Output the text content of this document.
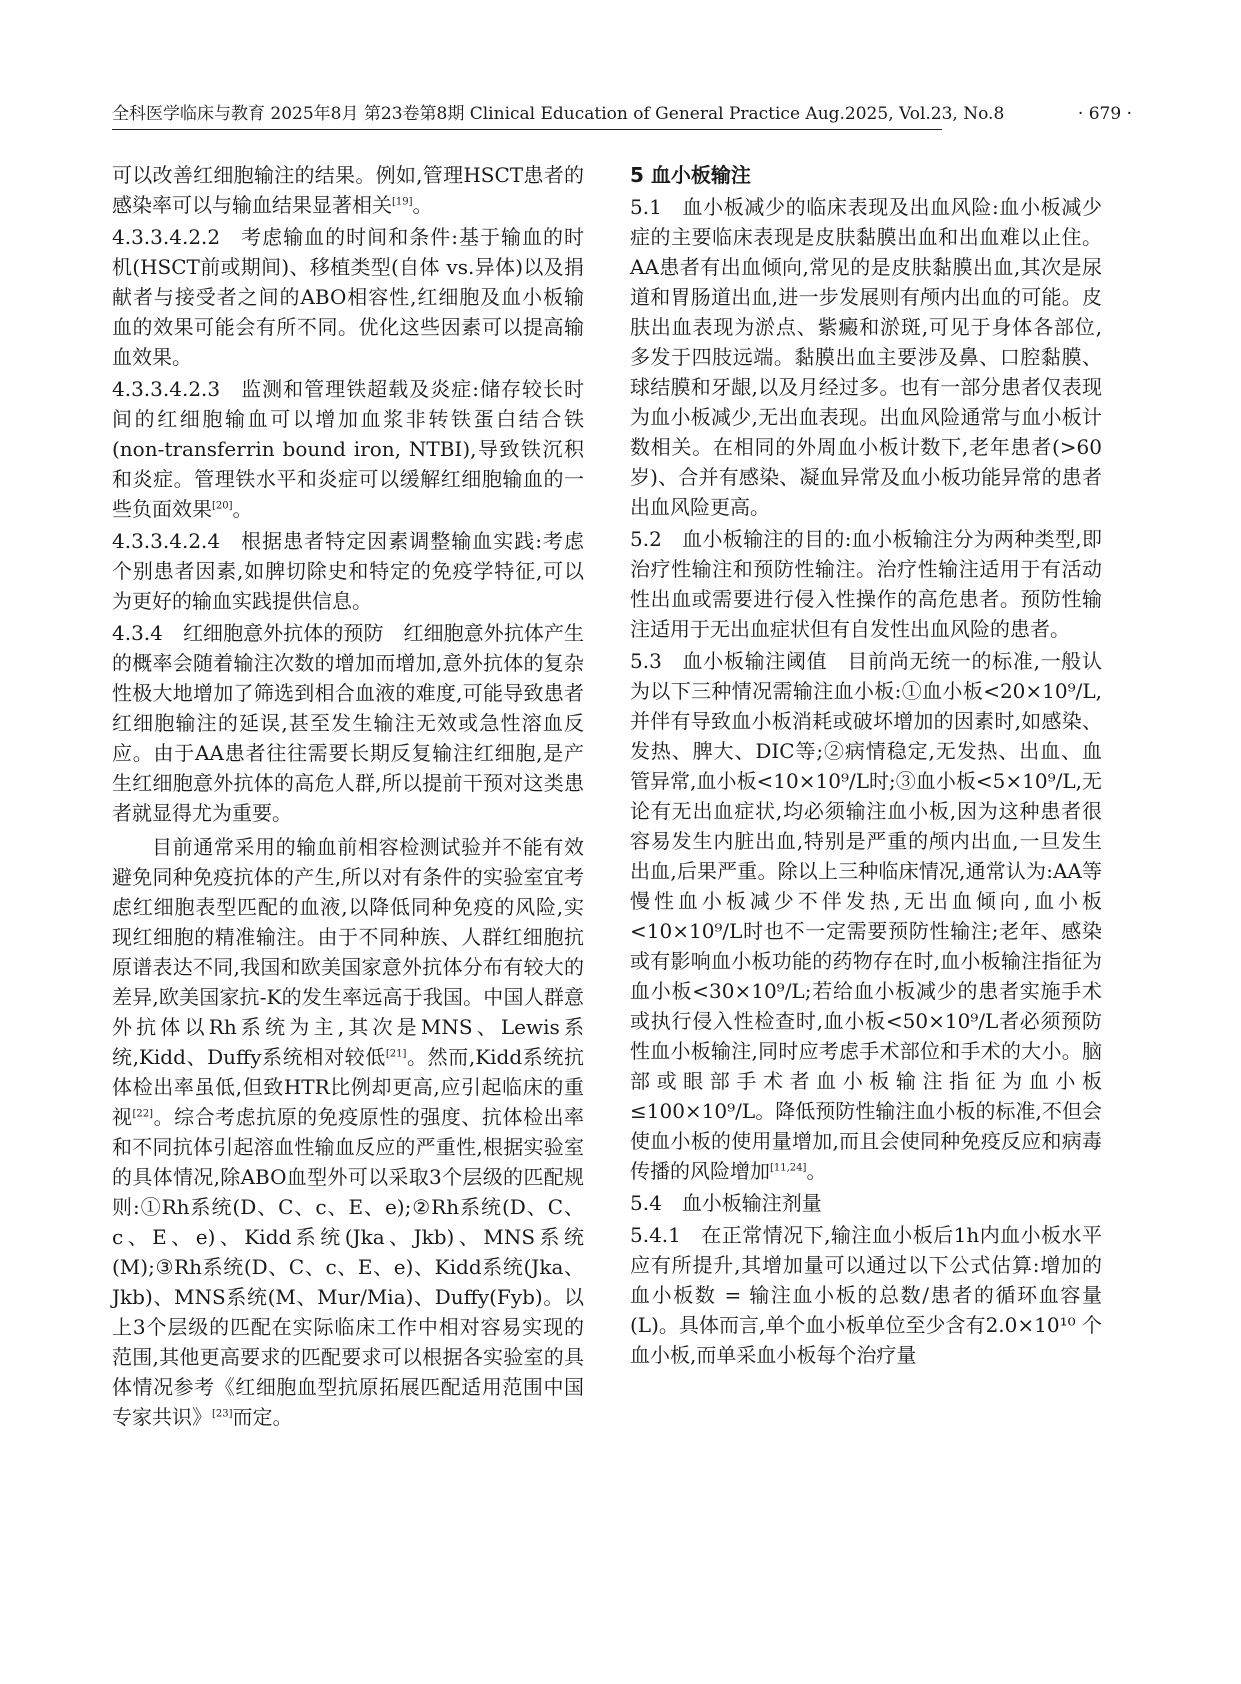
全科医学临床与教育 2025年8月 第23卷第8期 Clinical Education of General Practice Aug.2025, Vol.23, No.8	· 679 ·

可以改善红细胞输注的结果。例如,管理HSCT患者的感染率可以与输血结果显著相关[19]。

4.3.3.4.2.2 考虑输血的时间和条件:基于输血的时机(HSCT前或期间)、移植类型(自体 vs.异体)以及捐献者与接受者之间的ABO相容性,红细胞及血小板输血的效果可能会有所不同。优化这些因素可以提高输血效果。

4.3.3.4.2.3 监测和管理铁超载及炎症:储存较长时间的红细胞输血可以增加血浆非转铁蛋白结合铁(non-transferrin bound iron, NTBI),导致铁沉积和炎症。管理铁水平和炎症可以缓解红细胞输血的一些负面效果[20]。

4.3.3.4.2.4 根据患者特定因素调整输血实践:考虑个别患者因素,如脾切除史和特定的免疫学特征,可以为更好的输血实践提供信息。

4.3.4 红细胞意外抗体的预防 红细胞意外抗体产生的概率会随着输注次数的增加而增加,意外抗体的复杂性极大地增加了筛选到相合血液的难度,可能导致患者红细胞输注的延误,甚至发生输注无效或急性溶血反应。由于AA患者往往需要长期反复输注红细胞,是产生红细胞意外抗体的高危人群,所以提前干预对这类患者就显得尤为重要。

目前通常采用的输血前相容检测试验并不能有效避免同种免疫抗体的产生,所以对有条件的实验室宜考虑红细胞表型匹配的血液,以降低同种免疫的风险,实现红细胞的精准输注。由于不同种族、人群红细胞抗原谱表达不同,我国和欧美国家意外抗体分布有较大的差异,欧美国家抗-K的发生率远高于我国。中国人群意外抗体以Rh系统为主,其次是MNS、Lewis系统,Kidd、Duffy系统相对较低[21]。然而,Kidd系统抗体检出率虽低,但致HTR比例却更高,应引起临床的重视[22]。综合考虑抗原的免疫原性的强度、抗体检出率和不同抗体引起溶血性输血反应的严重性,根据实验室的具体情况,除ABO血型外可以采取3个层级的匹配规则:①Rh系统(D、C、c、E、e);②Rh系统(D、C、c、E、e)、Kidd系统(Jka、Jkb)、MNS系统(M);③Rh系统(D、C、c、E、e)、Kidd系统(Jka、Jkb)、MNS系统(M、Mur/Mia)、Duffy(Fyb)。以上3个层级的匹配在实际临床工作中相对容易实现的范围,其他更高要求的匹配要求可以根据各实验室的具体情况参考《红细胞血型抗原拓展匹配适用范围中国专家共识》[23]而定。

5 血小板输注

5.1 血小板减少的临床表现及出血风险:血小板减少症的主要临床表现是皮肤黏膜出血和出血难以止住。AA患者有出血倾向,常见的是皮肤黏膜出血,其次是尿道和胃肠道出血,进一步发展则有颅内出血的可能。皮肤出血表现为淤点、紫癜和淤斑,可见于身体各部位,多发于四肢远端。黏膜出血主要涉及鼻、口腔黏膜、球结膜和牙龈,以及月经过多。也有一部分患者仅表现为血小板减少,无出血表现。出血风险通常与血小板计数相关。在相同的外周血小板计数下,老年患者(>60岁)、合并有感染、凝血异常及血小板功能异常的患者出血风险更高。

5.2 血小板输注的目的:血小板输注分为两种类型,即治疗性输注和预防性输注。治疗性输注适用于有活动性出血或需要进行侵入性操作的高危患者。预防性输注适用于无出血症状但有自发性出血风险的患者。

5.3 血小板输注阈值 目前尚无统一的标准,一般认为以下三种情况需输注血小板:①血小板<20×10⁹/L,并伴有导致血小板消耗或破坏增加的因素时,如感染、发热、脾大、DIC等;②病情稳定,无发热、出血、血管异常,血小板<10×10⁹/L时;③血小板<5×10⁹/L,无论有无出血症状,均必须输注血小板,因为这种患者很容易发生内脏出血,特别是严重的颅内出血,一旦发生出血,后果严重。除以上三种临床情况,通常认为:AA等慢性血小板减少不伴发热,无出血倾向,血小板<10×10⁹/L时也不一定需要预防性输注;老年、感染或有影响血小板功能的药物存在时,血小板输注指征为血小板<30×10⁹/L;若给血小板减少的患者实施手术或执行侵入性检查时,血小板<50×10⁹/L者必须预防性血小板输注,同时应考虑手术部位和手术的大小。脑部或眼部手术者血小板输注指征为血小板≤100×10⁹/L。降低预防性输注血小板的标准,不但会使血小板的使用量增加,而且会使同种免疫反应和病毒传播的风险增加[11,24]。

5.4 血小板输注剂量

5.4.1 在正常情况下,输注血小板后1h内血小板水平应有所提升,其增加量可以通过以下公式估算:增加的血小板数 = 输注血小板的总数/患者的循环血容量(L)。具体而言,单个血小板单位至少含有2.0×10¹⁰ 个血小板,而单采血小板每个治疗量
